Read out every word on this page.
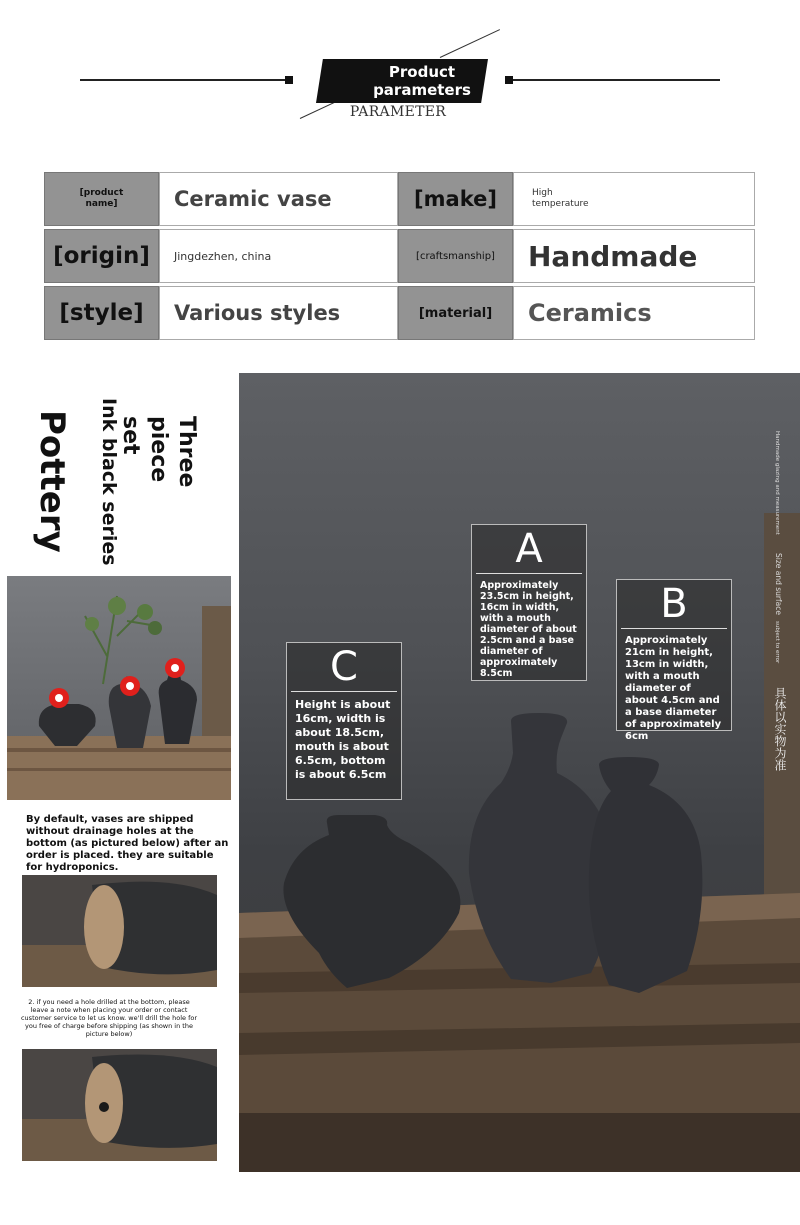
Product parameters
PARAMETER
[product name]	Ceramic vase	[make]	High temperature
[origin]	Jingdezhen, china	[craftsmanship]	Handmade
[style]	Various styles	[material]	Ceramics
Pottery Ink black series	Three piece set
By default, vases are shipped without drainage holes at the bottom (as pictured below) after an order is placed. they are suitable for hydroponics.
2. if you need a hole drilled at the bottom, please leave a note when placing your order or contact customer service to let us know. we'll drill the hole for you free of charge before shipping (as shown in the picture below)
A
Approximately 23.5cm in height, 16cm in width, with a mouth diameter of about 2.5cm and a base diameter of approximately 8.5cm
B
Approximately 21cm in height, 13cm in width, with a mouth diameter of about 4.5cm and a base diameter of approximately 6cm
C
Height is about 16cm, width is about 18.5cm, mouth is about 6.5cm, bottom is about 6.5cm
Handmade glazing and measurement
Size and surface
subject to error
具体以实物为准
